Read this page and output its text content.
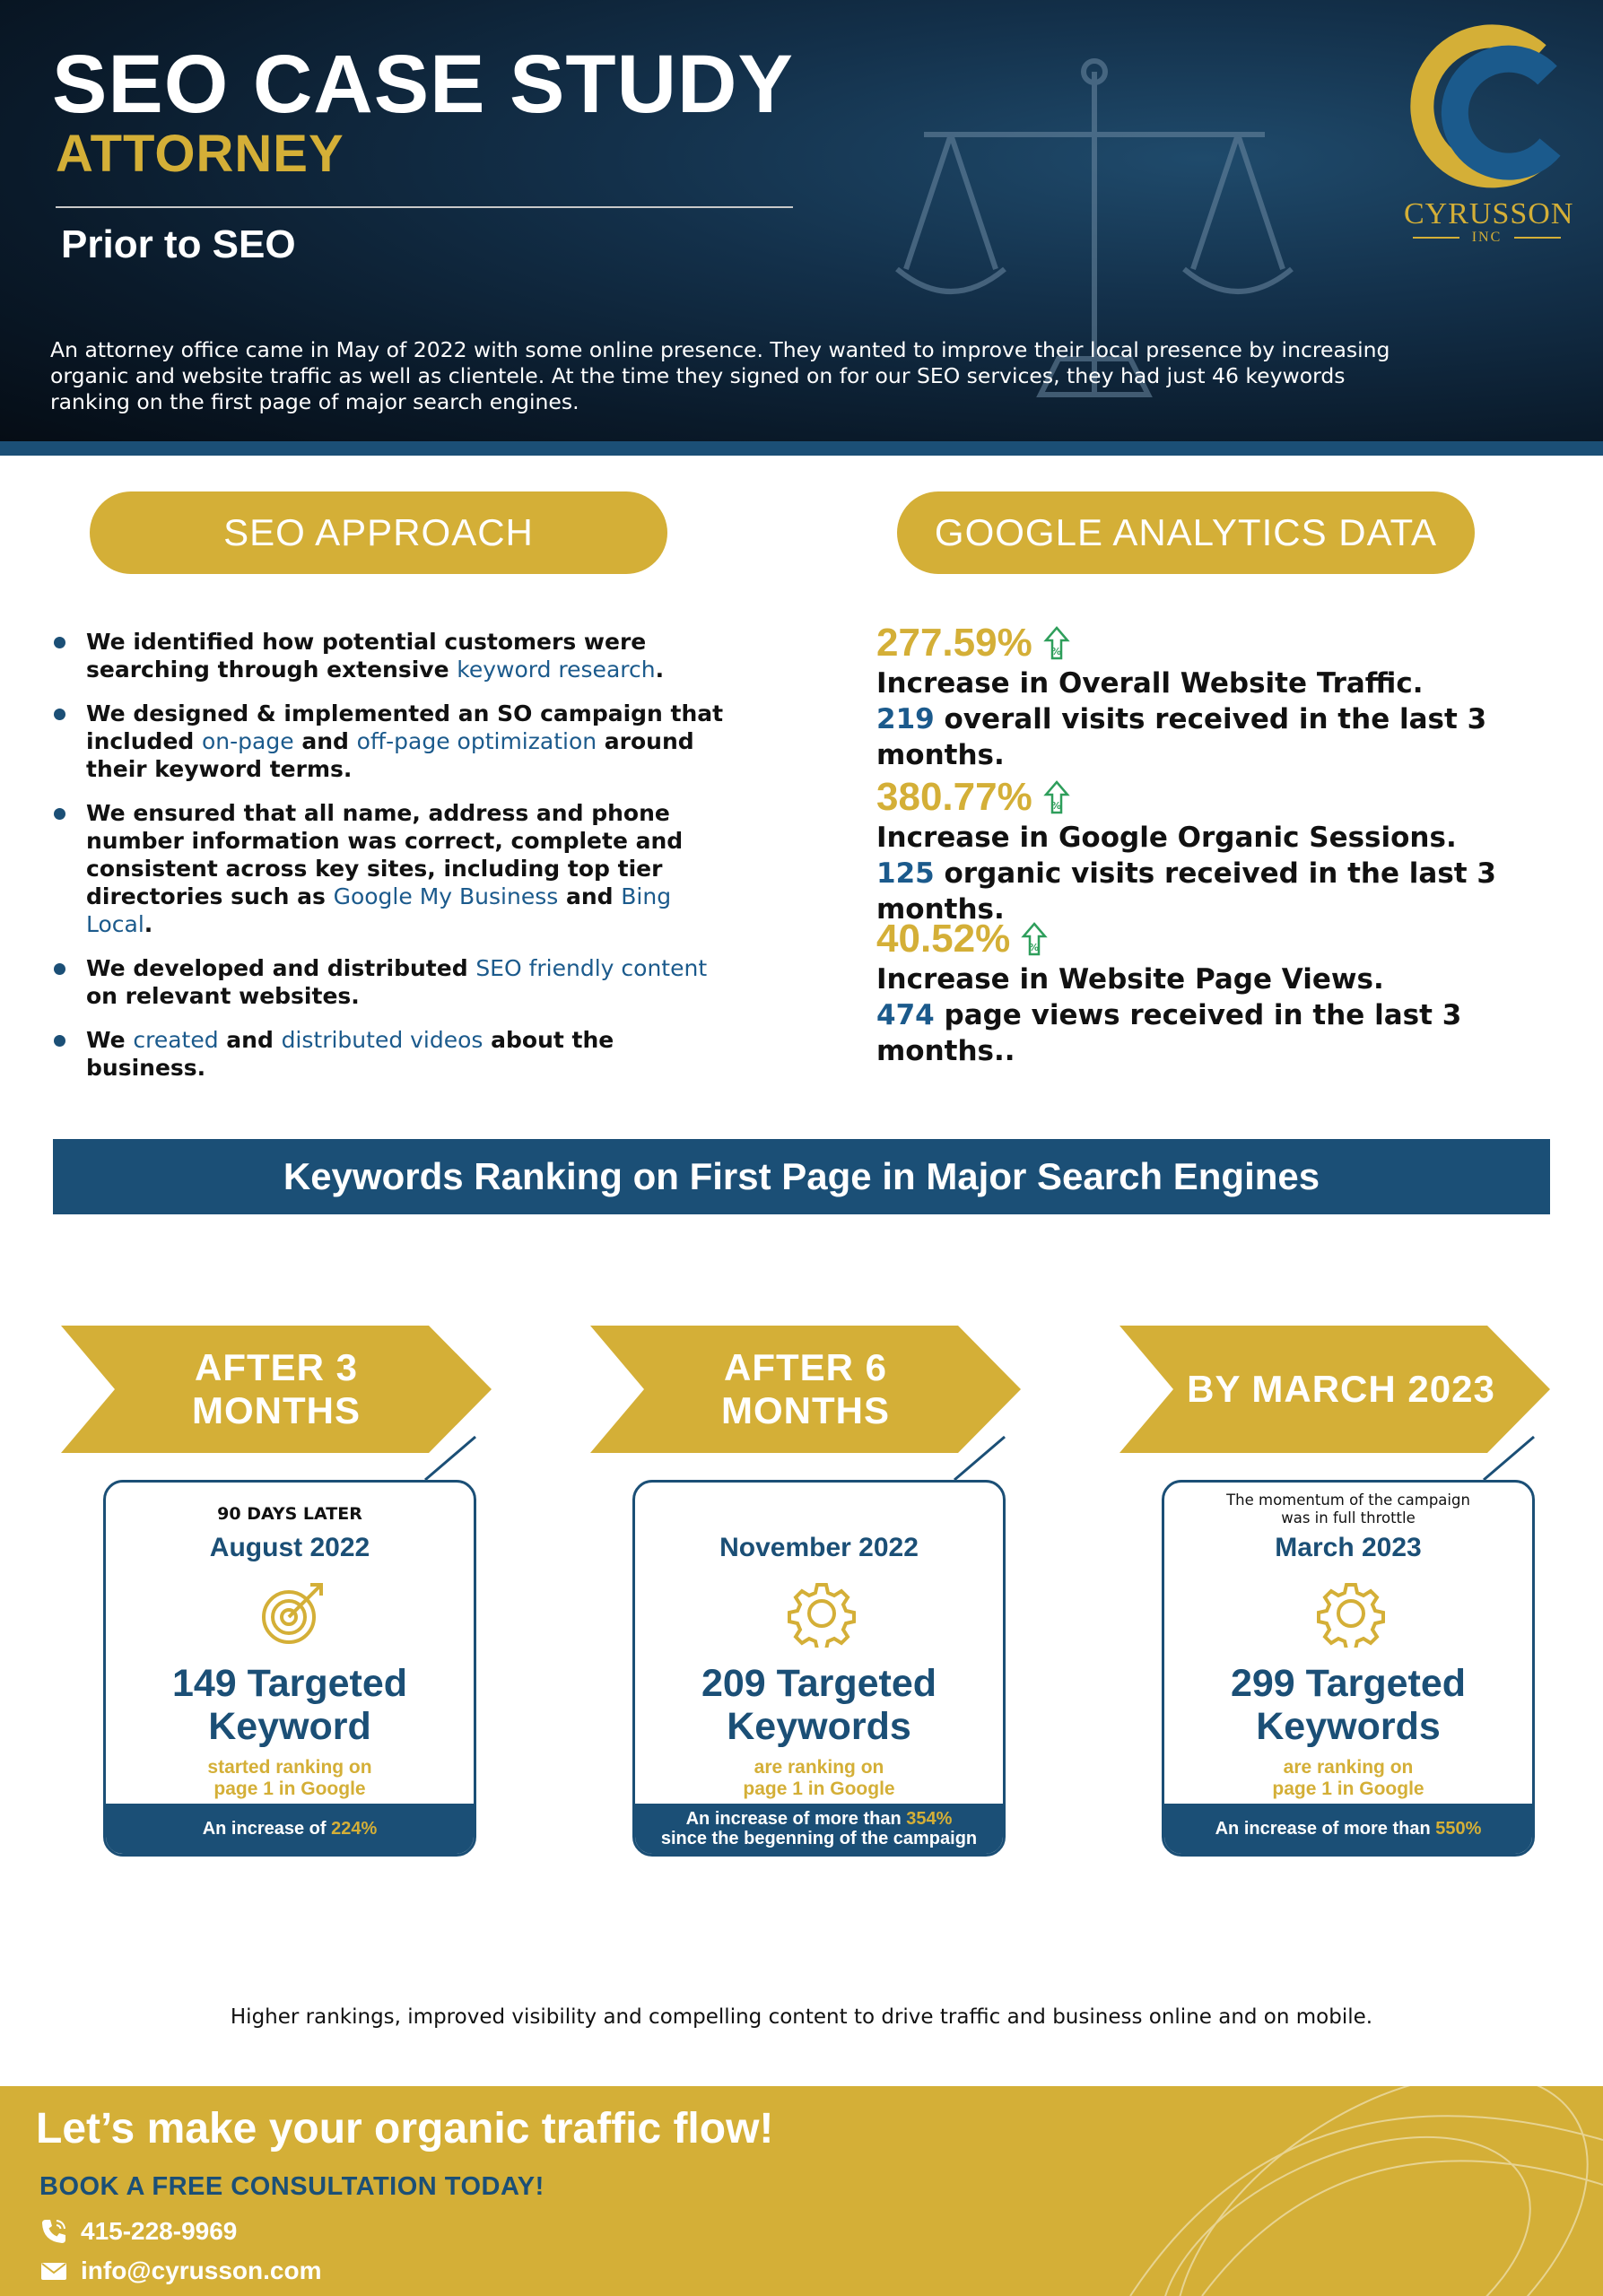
SEO CASE STUDY
ATTORNEY
Prior to SEO
An attorney office came in May of 2022 with some online presence. They wanted to improve their local presence by increasing organic and website traffic as well as clientele. At the time they signed on for our SEO services, they had just 46 keywords ranking on the first page of major search engines.
CYRUSSON
INC
SEO APPROACH	GOOGLE ANALYTICS DATA
We identified how potential customers were searching through extensive keyword research.
We designed & implemented an SO campaign that included on-page and off-page optimization around their keyword terms.
We ensured that all name, address and phone number information was correct, complete and consistent across key sites, including top tier directories such as Google My Business and Bing Local.
We developed and distributed SEO friendly content on relevant websites.
We created and distributed videos about the business.
277.59% %
Increase in Overall Website Traffic.
219 overall visits received in the last 3 months.
380.77% %
Increase in Google Organic Sessions.
125 organic visits received in the last 3 months.
40.52% %
Increase in Website Page Views.
474 page views received in the last 3 months..
Keywords Ranking on First Page in Major Search Engines
AFTER 3
MONTHS
90 DAYS LATER
August 2022
149 Targeted
Keyword
started ranking on
page 1 in Google
An increase of 224%
AFTER 6
MONTHS
November 2022
209 Targeted
Keywords
are ranking on
page 1 in Google
An increase of more than 354%
since the begenning of the campaign
BY MARCH 2023
The momentum of the campaign
was in full throttle
March 2023
299 Targeted
Keywords
are ranking on
page 1 in Google
An increase of more than 550%
Higher rankings, improved visibility and compelling content to drive traffic and business online and on mobile.
Let’s make your organic traffic flow!
BOOK A FREE CONSULTATION TODAY!
415-228-9969
info@cyrusson.com
